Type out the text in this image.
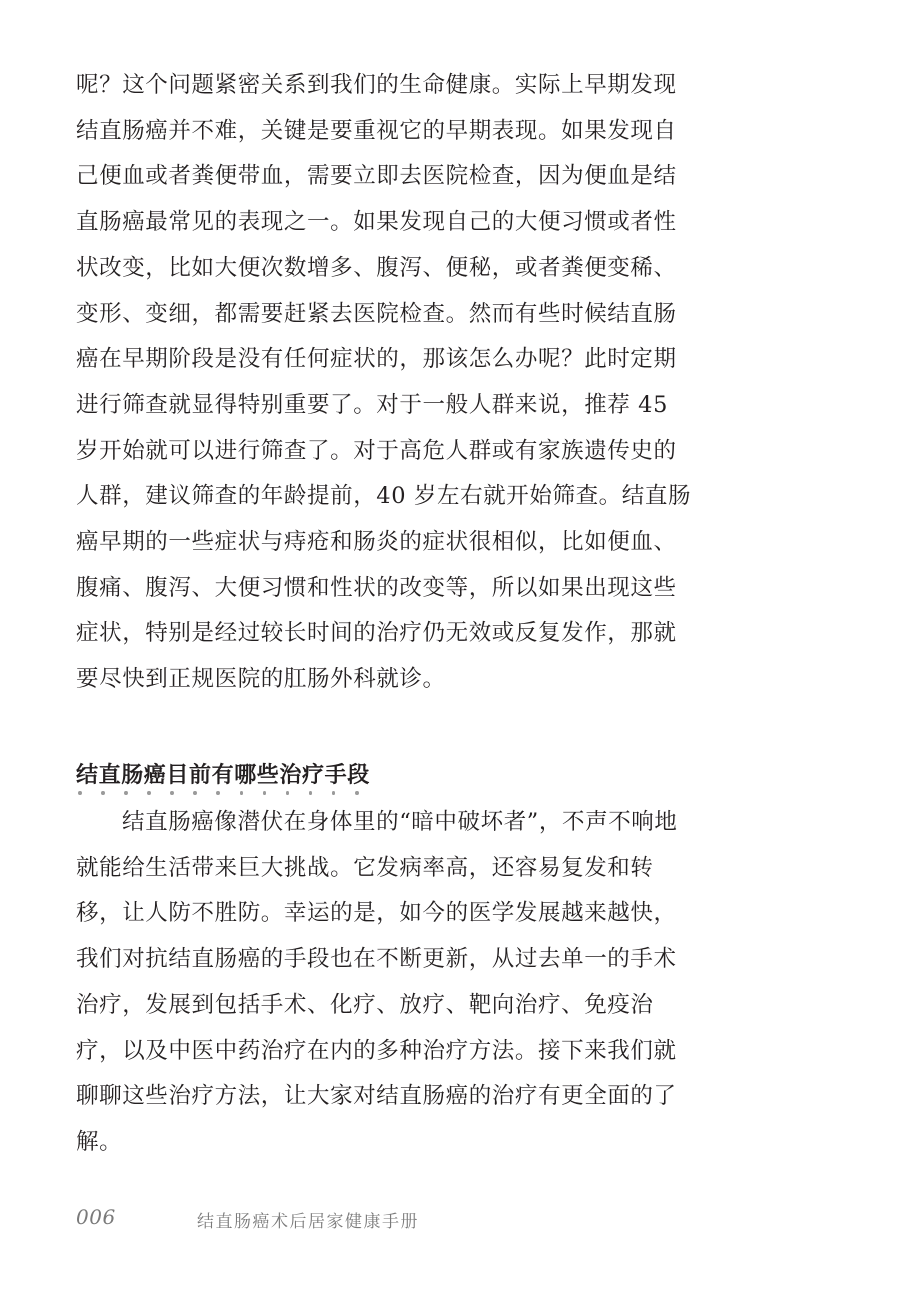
呢？这个问题紧密关系到我们的生命健康。实际上早期发现结直肠癌并不难，关键是要重视它的早期表现。如果发现自己便血或者粪便带血，需要立即去医院检查，因为便血是结直肠癌最常见的表现之一。如果发现自己的大便习惯或者性状改变，比如大便次数增多、腹泻、便秘，或者粪便变稀、变形、变细，都需要赶紧去医院检查。然而有些时候结直肠癌在早期阶段是没有任何症状的，那该怎么办呢？此时定期进行筛查就显得特别重要了。对于一般人群来说，推荐 45 岁开始就可以进行筛查了。对于高危人群或有家族遗传史的人群，建议筛查的年龄提前，40 岁左右就开始筛查。结直肠癌早期的一些症状与痔疮和肠炎的症状很相似，比如便血、腹痛、腹泻、大便习惯和性状的改变等，所以如果出现这些症状，特别是经过较长时间的治疗仍无效或反复发作，那就要尽快到正规医院的肛肠外科就诊。

结直肠癌目前有哪些治疗手段

结直肠癌像潜伏在身体里的“暗中破坏者”，不声不响地就能给生活带来巨大挑战。它发病率高，还容易复发和转移，让人防不胜防。幸运的是，如今的医学发展越来越快，我们对抗结直肠癌的手段也在不断更新，从过去单一的手术治疗，发展到包括手术、化疗、放疗、靶向治疗、免疫治疗，以及中医中药治疗在内的多种治疗方法。接下来我们就聊聊这些治疗方法，让大家对结直肠癌的治疗有更全面的了解。

006	结直肠癌术后居家健康手册
